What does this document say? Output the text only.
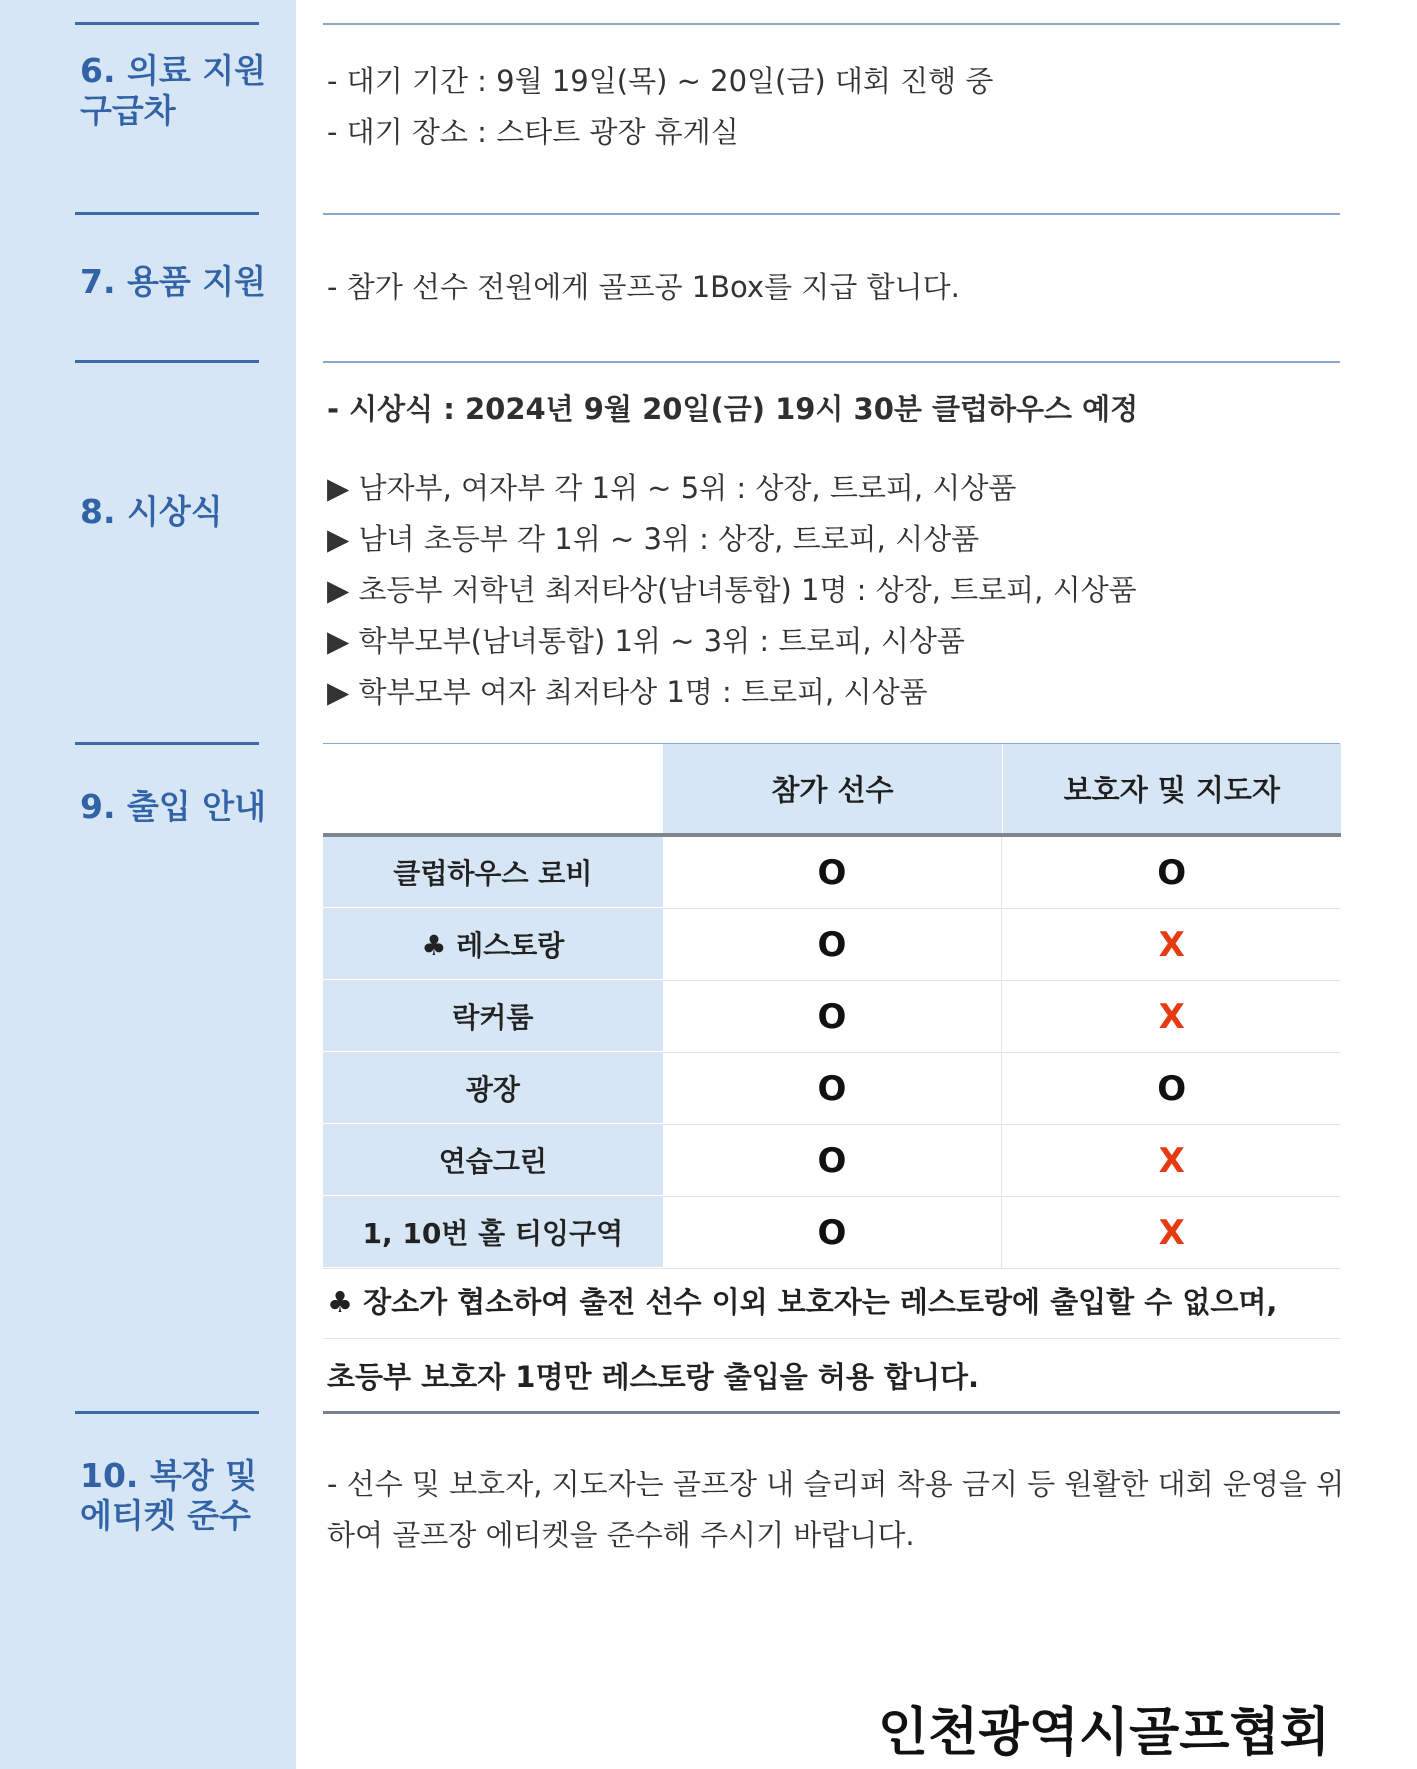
6. 의료 지원
구급차
- 대기 기간 : 9월 19일(목) ~ 20일(금) 대회 진행 중
- 대기 장소 : 스타트 광장 휴게실
7. 용품 지원	- 참가 선수 전원에게 골프공 1Box를 지급 합니다.
8. 시상식
- 시상식 : 2024년 9월 20일(금) 19시 30분 클럽하우스 예정
▶ 남자부, 여자부 각 1위 ~ 5위 : 상장, 트로피, 시상품
▶ 남녀 초등부 각 1위 ~ 3위 : 상장, 트로피, 시상품
▶ 초등부 저학년 최저타상(남녀통합) 1명 : 상장, 트로피, 시상품
▶ 학부모부(남녀통합) 1위 ~ 3위 : 트로피, 시상품
▶ 학부모부 여자 최저타상 1명 : 트로피, 시상품
9. 출입 안내	참가 선수	보호자 및 지도자
클럽하우스 로비	O	O
♣ 레스토랑	O	X
락커룸	O	X
광장	O	O
연습그린	O	X
1, 10번 홀 티잉구역	O	X
♣ 장소가 협소하여 출전 선수 이외 보호자는 레스토랑에 출입할 수 없으며,
초등부 보호자 1명만 레스토랑 출입을 허용 합니다.
10. 복장 및
에티켓 준수
- 선수 및 보호자, 지도자는 골프장 내 슬리퍼 착용 금지 등 원활한 대회 운영을 위
하여 골프장 에티켓을 준수해 주시기 바랍니다.
인천광역시골프협회
